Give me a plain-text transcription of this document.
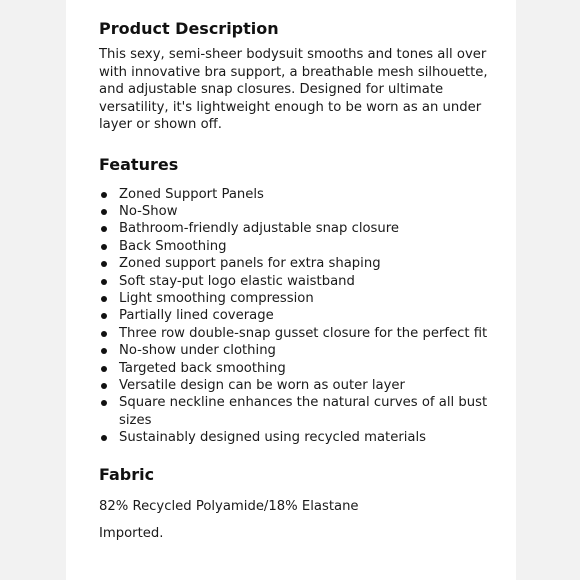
Product Description

This sexy, semi-sheer bodysuit smooths and tones all over with innovative bra support, a breathable mesh silhouette, and adjustable snap closures. Designed for ultimate versatility, it's lightweight enough to be worn as an under layer or shown off.

Features
Zoned Support Panels
No-Show
Bathroom-friendly adjustable snap closure
Back Smoothing
Zoned support panels for extra shaping
Soft stay-put logo elastic waistband
Light smoothing compression
Partially lined coverage
Three row double-snap gusset closure for the perfect fit
No-show under clothing
Targeted back smoothing
Versatile design can be worn as outer layer
Square neckline enhances the natural curves of all bust sizes
Sustainably designed using recycled materials
Fabric

82% Recycled Polyamide/18% Elastane

Imported.
